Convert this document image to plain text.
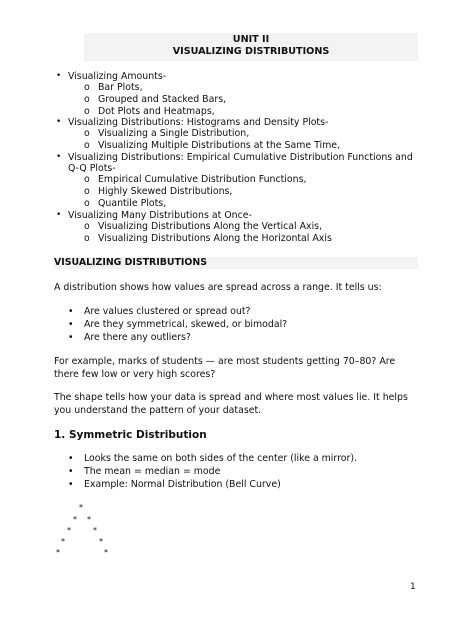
UNIT II
VISUALIZING DISTRIBUTIONS
• Visualizing Amounts-
o Bar Plots,
o Grouped and Stacked Bars,
o Dot Plots and Heatmaps,
• Visualizing Distributions: Histograms and Density Plots-
o Visualizing a Single Distribution,
o Visualizing Multiple Distributions at the Same Time,
• Visualizing Distributions: Empirical Cumulative Distribution Functions and
Q-Q Plots-
o Empirical Cumulative Distribution Functions,
o Highly Skewed Distributions,
o Quantile Plots,
• Visualizing Many Distributions at Once-
o Visualizing Distributions Along the Vertical Axis,
o Visualizing Distributions Along the Horizontal Axis
VISUALIZING DISTRIBUTIONS
A distribution shows how values are spread across a range. It tells us:
• Are values clustered or spread out?
• Are they symmetrical, skewed, or bimodal?
• Are there any outliers?
For example, marks of students — are most students getting 70–80? Are
there few low or very high scores?
The shape tells how your data is spread and where most values lie. It helps
you understand the pattern of your dataset.
1. Symmetric Distribution
• Looks the same on both sides of the center (like a mirror).
• The mean = median = mode
• Example: Normal Distribution (Bell Curve)
*
* *
*	*
*	*
*	*
1
